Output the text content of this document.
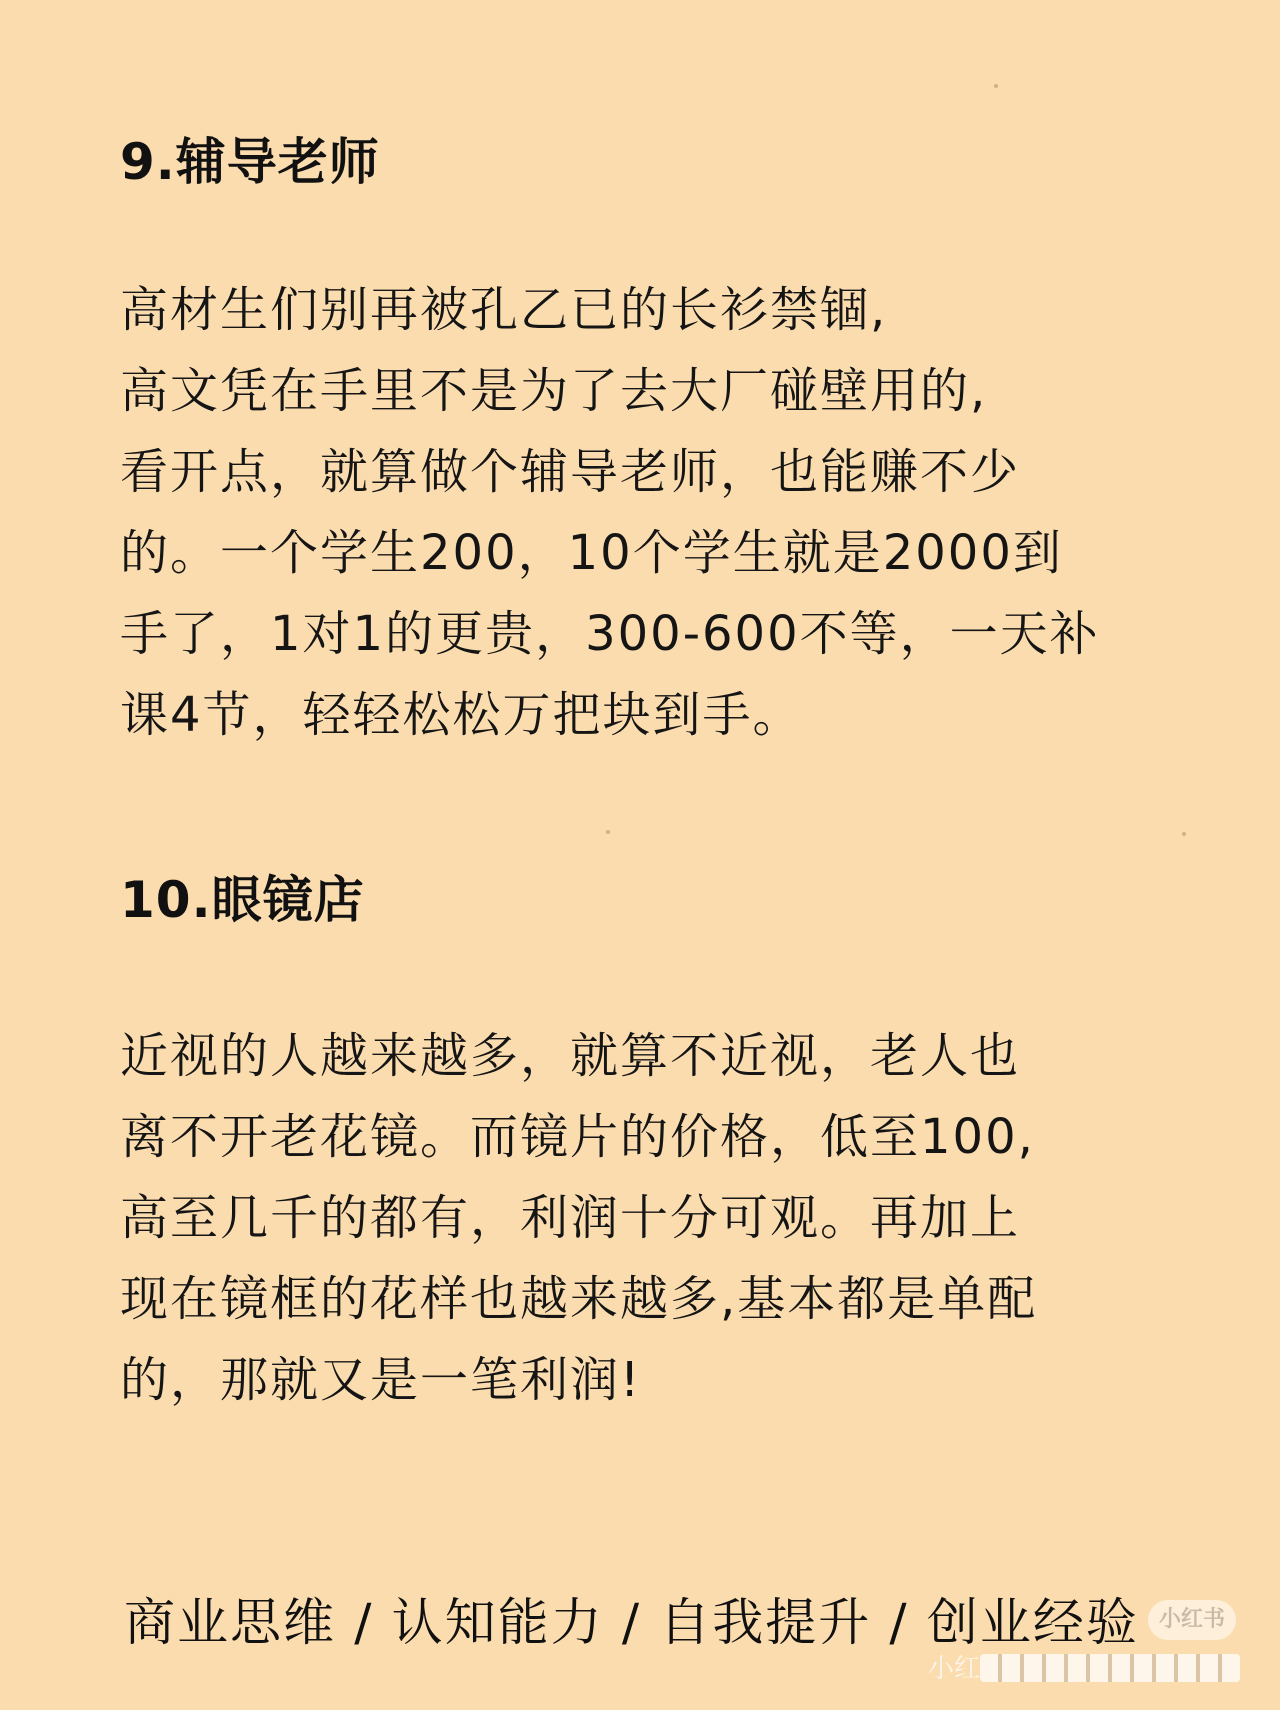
9.辅导老师

高材生们别再被孔乙已的长衫禁锢,
高文凭在手里不是为了去大厂碰壁用的,
看开点，就算做个辅导老师，也能赚不少
的。一个学生200，10个学生就是2000到
手了，1对1的更贵，300-600不等，一天补
课4节，轻轻松松万把块到手。

10.眼镜店

近视的人越来越多，就算不近视，老人也
离不开老花镜。而镜片的价格，低至100,
高至几千的都有，利润十分可观。再加上
现在镜框的花样也越来越多,基本都是单配
的，那就又是一笔利润!

商业思维 / 认知能力 / 自我提升 / 创业经验 小红书
小红
